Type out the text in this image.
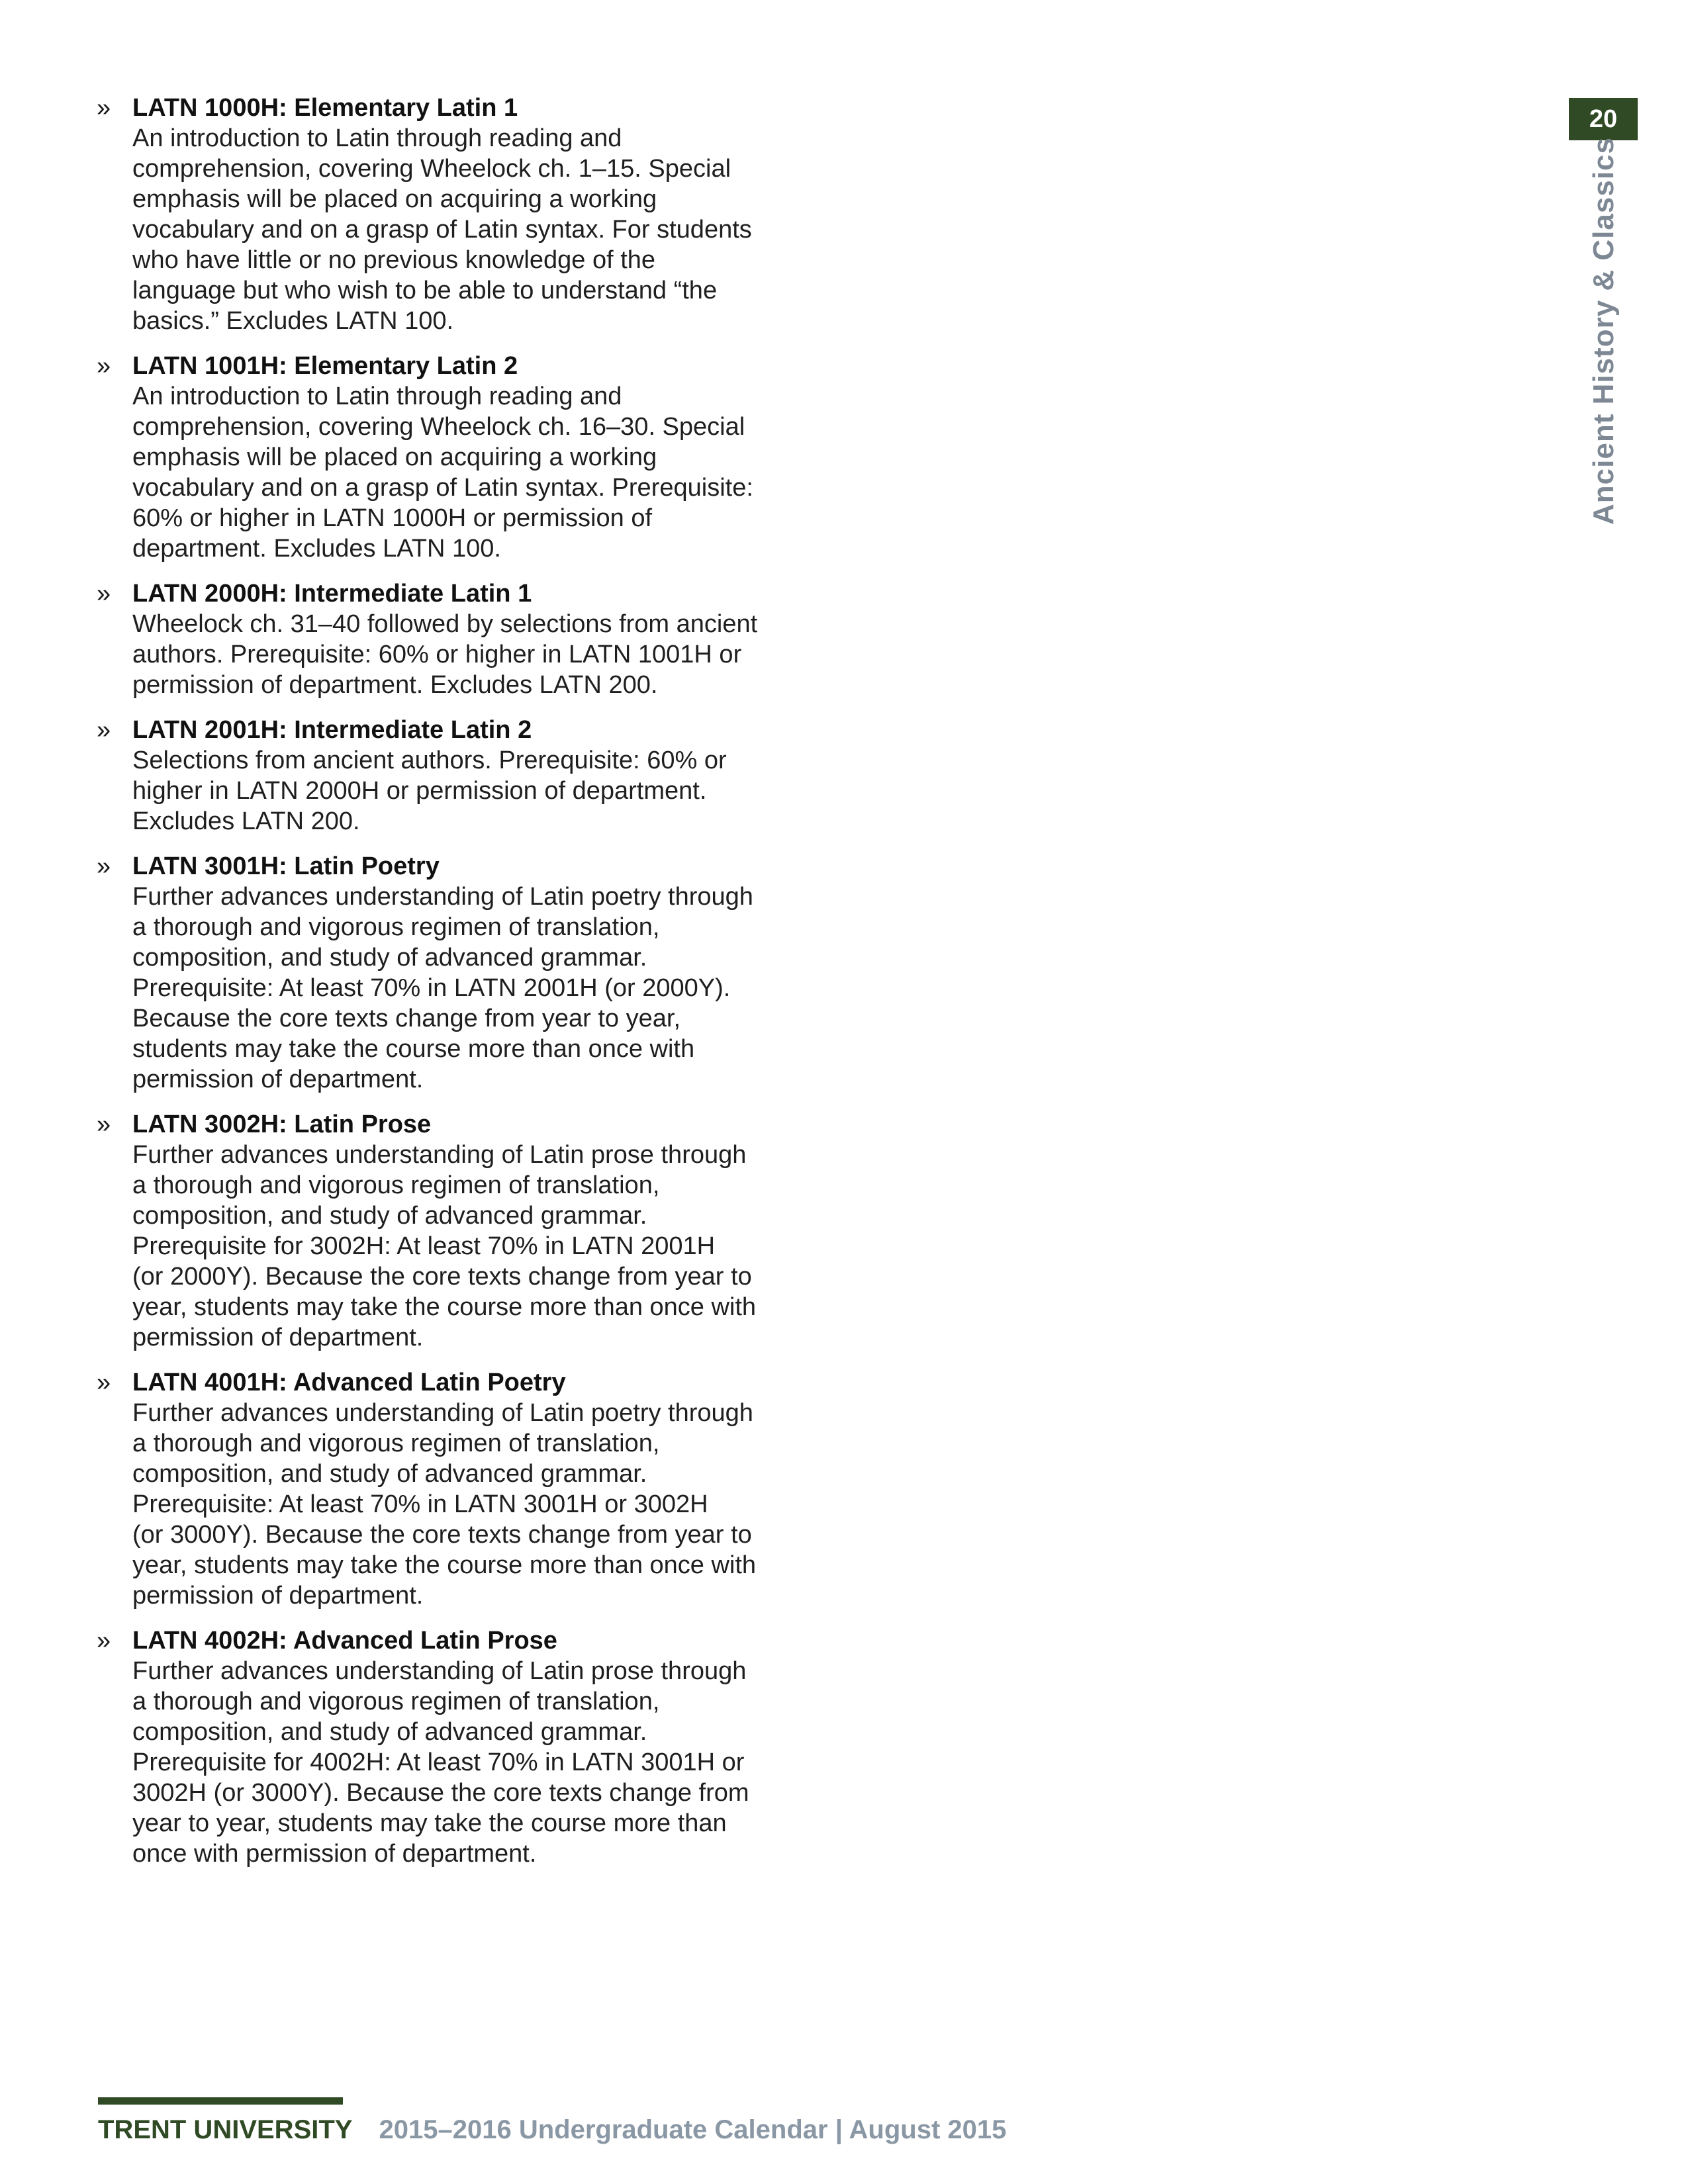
20
Ancient History & Classics
» LATN 1000H: Elementary Latin 1

An introduction to Latin through reading and
comprehension, covering Wheelock ch. 1–15. Special
emphasis will be placed on acquiring a working
vocabulary and on a grasp of Latin syntax. For students
who have little or no previous knowledge of the
language but who wish to be able to understand “the
basics.” Excludes LATN 100.

» LATN 1001H: Elementary Latin 2

An introduction to Latin through reading and
comprehension, covering Wheelock ch. 16–30. Special
emphasis will be placed on acquiring a working
vocabulary and on a grasp of Latin syntax. Prerequisite:
60% or higher in LATN 1000H or permission of
department. Excludes LATN 100.

» LATN 2000H: Intermediate Latin 1

Wheelock ch. 31–40 followed by selections from ancient
authors. Prerequisite: 60% or higher in LATN 1001H or
permission of department. Excludes LATN 200.

» LATN 2001H: Intermediate Latin 2

Selections from ancient authors. Prerequisite: 60% or
higher in LATN 2000H or permission of department.
Excludes LATN 200.

» LATN 3001H: Latin Poetry

Further advances understanding of Latin poetry through
a thorough and vigorous regimen of translation,
composition, and study of advanced grammar.
Prerequisite: At least 70% in LATN 2001H (or 2000Y).
Because the core texts change from year to year,
students may take the course more than once with
permission of department.

» LATN 3002H: Latin Prose

Further advances understanding of Latin prose through
a thorough and vigorous regimen of translation,
composition, and study of advanced grammar.
Prerequisite for 3002H: At least 70% in LATN 2001H
(or 2000Y). Because the core texts change from year to
year, students may take the course more than once with
permission of department.

» LATN 4001H: Advanced Latin Poetry

Further advances understanding of Latin poetry through
a thorough and vigorous regimen of translation,
composition, and study of advanced grammar.
Prerequisite: At least 70% in LATN 3001H or 3002H
(or 3000Y). Because the core texts change from year to
year, students may take the course more than once with
permission of department.

» LATN 4002H: Advanced Latin Prose

Further advances understanding of Latin prose through
a thorough and vigorous regimen of translation,
composition, and study of advanced grammar.
Prerequisite for 4002H: At least 70% in LATN 3001H or
3002H (or 3000Y). Because the core texts change from
year to year, students may take the course more than
once with permission of department.

TRENT UNIVERSITY 2015–2016 Undergraduate Calendar | August 2015
